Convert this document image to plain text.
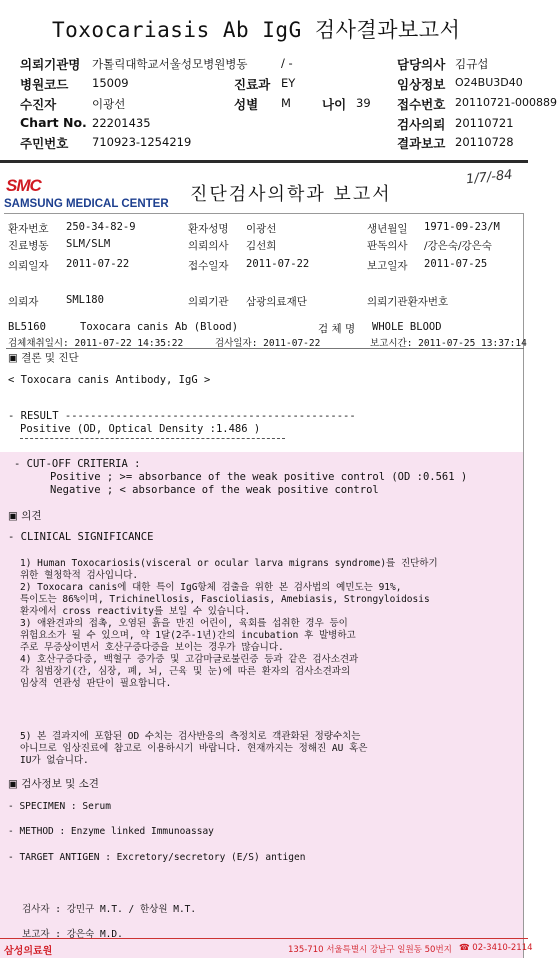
Toxocariasis Ab IgG 검사결과보고서
의뢰기관명 가톨릭대학교서울성모병원병동	/ -	담당의사 김규섭
병원코드 15009	진료과 EY	임상정보 O24BU3D40
수진자	이광선	성별 M 나이 39 접수번호 20110721-000889
Chart No. 22201435	검사의뢰 20110721
주민번호 710923-1254219	결과보고 20110728
SMC
SAMSUNG MEDICAL CENTER 진단검사의학과 보고서
1/7/-84
환자번호 250-34-82-9	환자성명 이광선	생년월일 1971-09-23/M
진료병동 SLM/SLM	의뢰의사 김선희	판독의사 /강은숙/강은숙
의뢰일자 2011-07-22	접수일자 2011-07-22	보고일자 2011-07-25
의뢰자	SML180	의뢰기관 삼광의료재단	의뢰기관환자번호
BL5160	Toxocara canis Ab (Blood)	검 체 명 WHOLE BLOOD
검체채취일시: 2011-07-22 14:35:22	검사일자: 2011-07-22	보고시간: 2011-07-25 13:37:14
▣ 결론 및 진단
< Toxocara canis Antibody, IgG >
- RESULT ----------------------------------------------
Positive (OD, Optical Density :1.486 )
- CUT-OFF CRITERIA :
Positive ; >= absorbance of the weak positive control (OD :0.561 )
Negative ; < absorbance of the weak positive control
▣ 의견
- CLINICAL SIGNIFICANCE
1) Human Toxocariosis(visceral or ocular larva migrans syndrome)를 진단하기
위한 혈청학적 검사입니다.
2) Toxocara canis에 대한 특이 IgG항체 검출을 위한 본 검사법의 예민도는 91%,
특이도는 86%이며, Trichinellosis, Fascioliasis, Amebiasis, Strongyloidosis
환자에서 cross reactivity를 보일 수 있습니다.
3) 애완견과의 접촉, 오염된 흙을 만진 어린이, 육회를 섭취한 경우 등이
위험요소가 될 수 있으며, 약 1달(2주-1년)간의 incubation 후 발병하고
주로 무증상이면서 호산구증다증을 보이는 경우가 많습니다.
4) 호산구증다증, 백혈구 증가증 및 고감마글로불린증 등과 같은 검사소견과
각 침범장기(간, 심장, 폐, 뇌, 근육 및 눈)에 따른 환자의 검사소견과의
임상적 연관성 판단이 필요합니다.
5) 본 결과지에 포함된 OD 수치는 검사반응의 측정치로 객관화된 정량수치는
아니므로 임상진료에 참고로 이용하시기 바랍니다. 현재까지는 정해진 AU 혹은
IU가 없습니다.
▣ 검사정보 및 소견
- SPECIMEN : Serum
- METHOD : Enzyme linked Immunoassay
- TARGET ANTIGEN : Excretory/secretory (E/S) antigen
검사자 : 강민구 M.T. / 한상원 M.T.
보고자 : 강은숙 M.D.
삼성의료원	135-710 서울특별시 강남구 일원동 50번지 ☎ 02-3410-2114
